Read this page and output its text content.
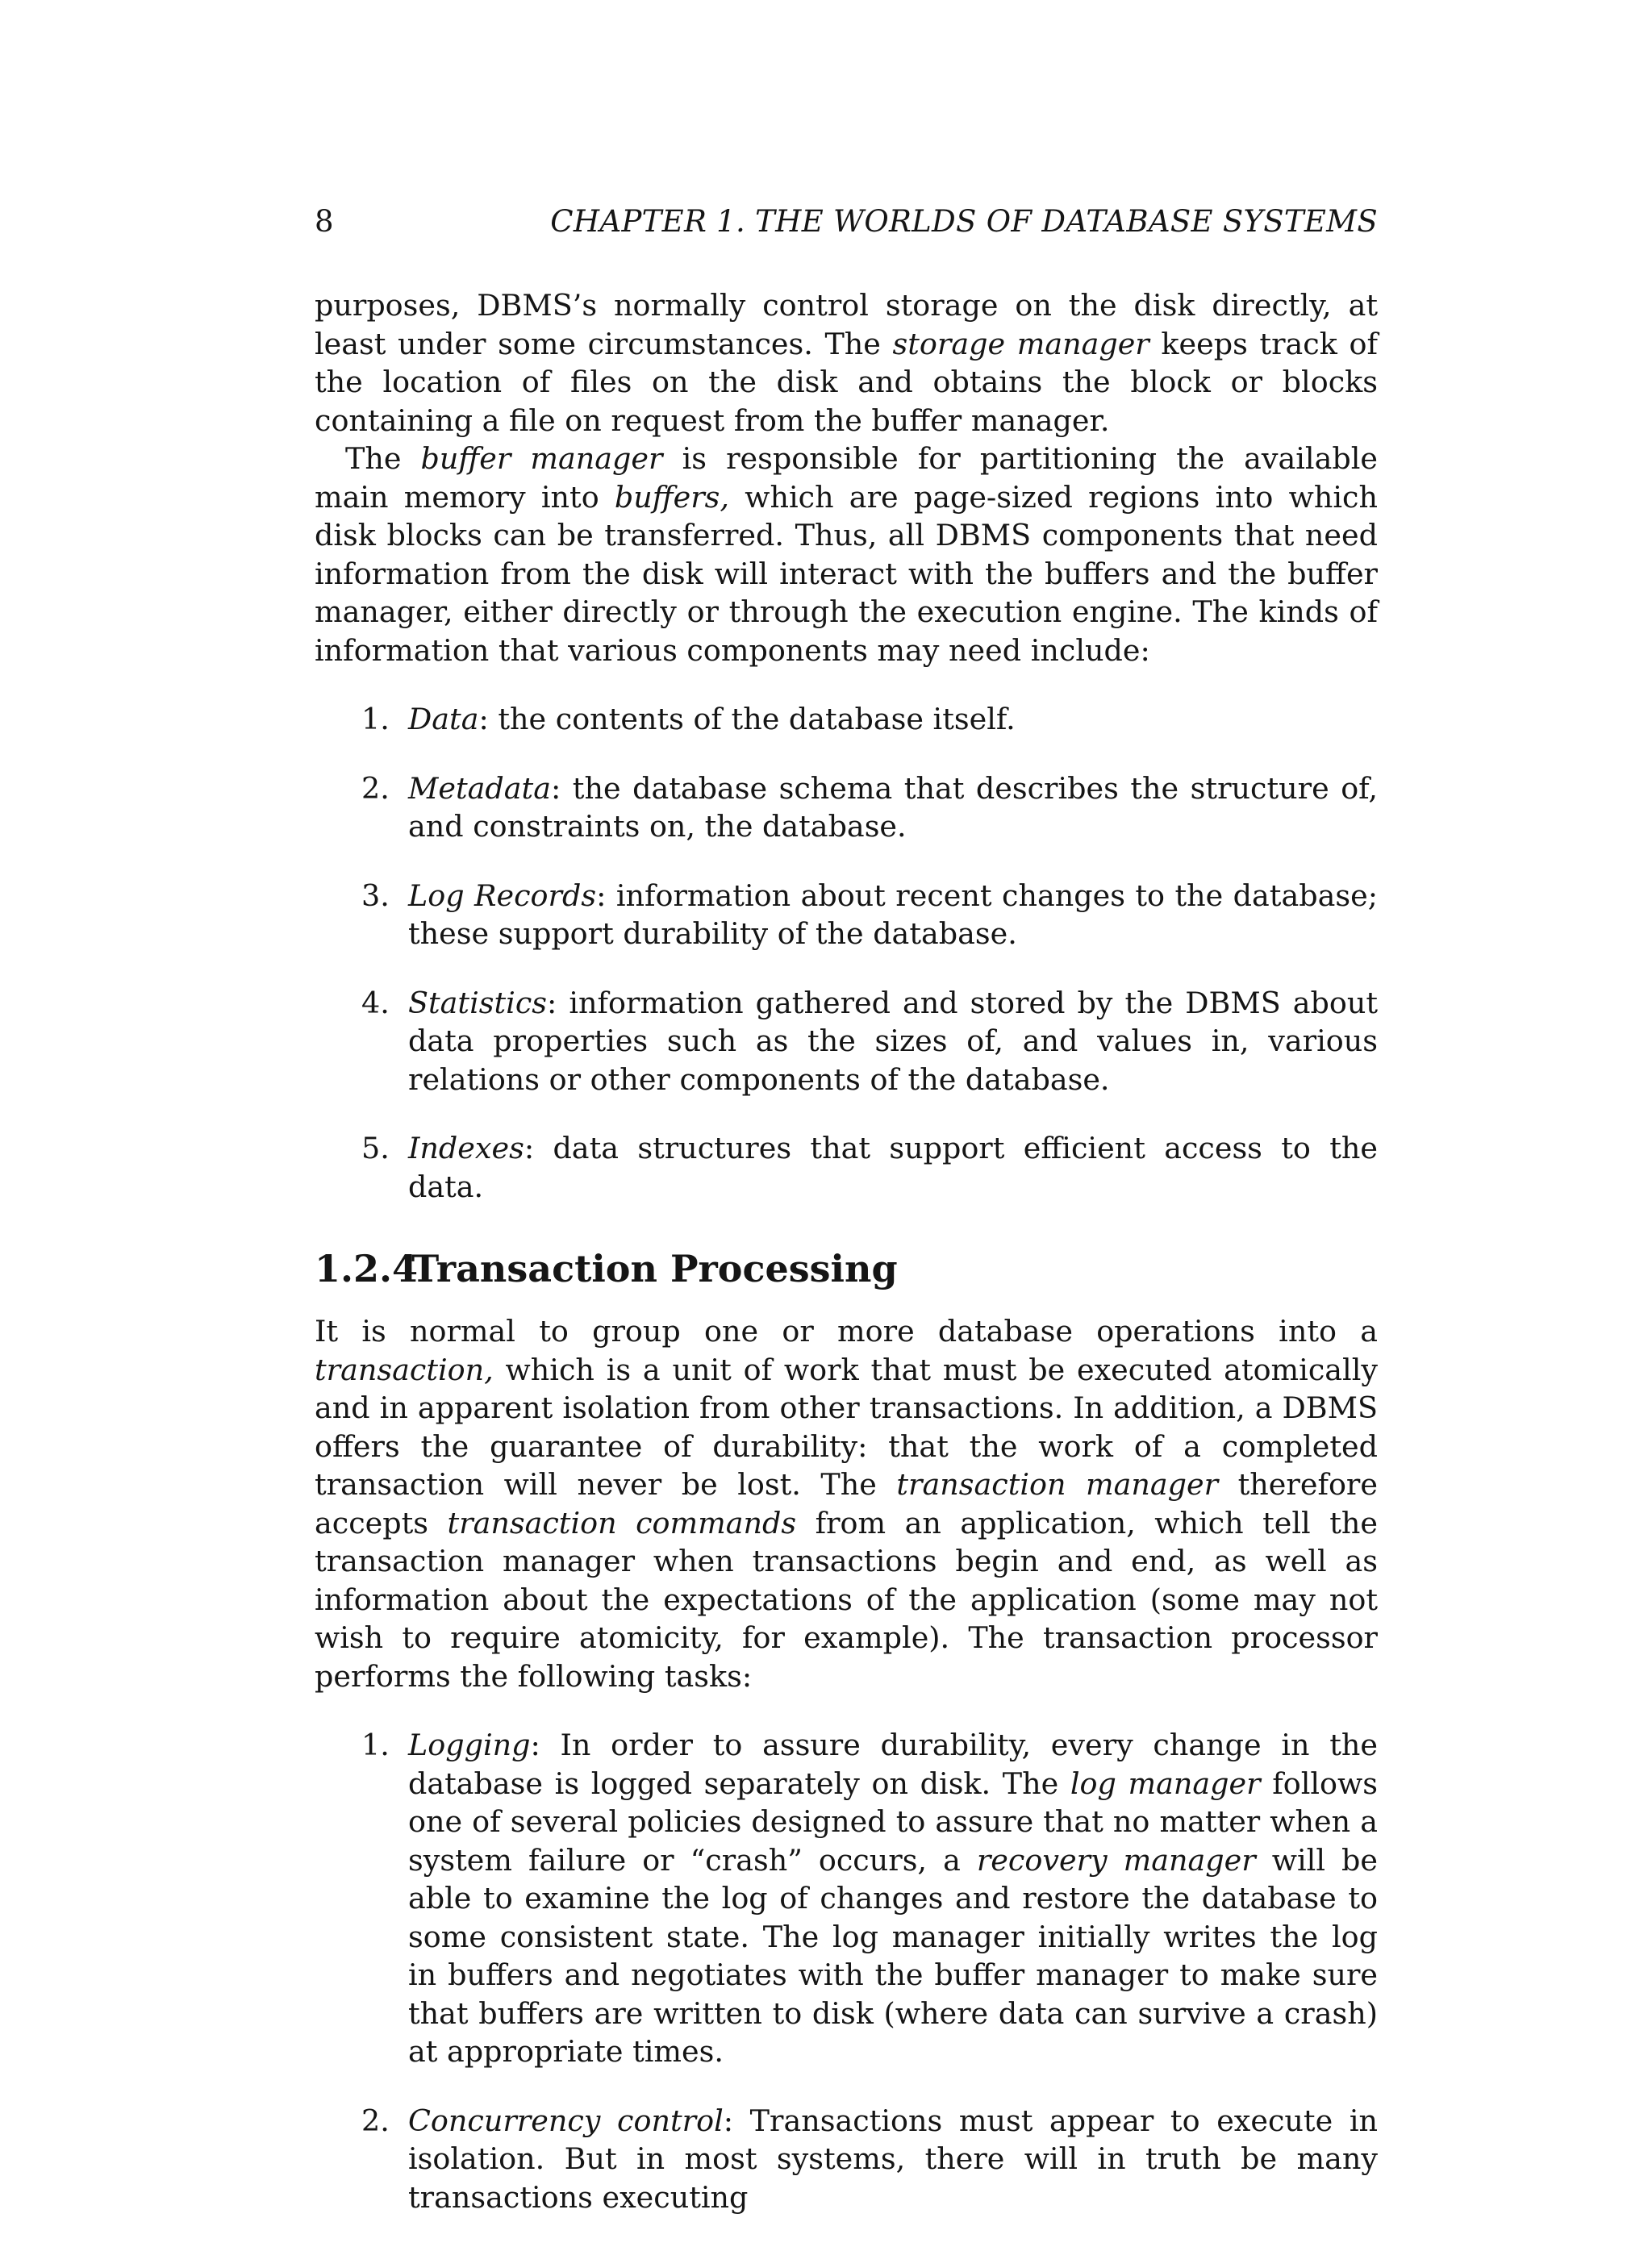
8	CHAPTER 1. THE WORLDS OF DATABASE SYSTEMS

purposes, DBMS’s normally control storage on the disk directly, at least under some circumstances. The storage manager keeps track of the location of files on the disk and obtains the block or blocks containing a file on request from the buffer manager.

The buffer manager is responsible for partitioning the available main memory into buffers, which are page-sized regions into which disk blocks can be transferred. Thus, all DBMS components that need information from the disk will interact with the buffers and the buffer manager, either directly or through the execution engine. The kinds of information that various components may need include:

1. Data: the contents of the database itself.
2. Metadata: the database schema that describes the structure of, and constraints on, the database.
3. Log Records: information about recent changes to the database; these support durability of the database.
4. Statistics: information gathered and stored by the DBMS about data properties such as the sizes of, and values in, various relations or other components of the database.
5. Indexes: data structures that support efficient access to the data.
1.2.4Transaction Processing

It is normal to group one or more database operations into a transaction, which is a unit of work that must be executed atomically and in apparent isolation from other transactions. In addition, a DBMS offers the guarantee of durability: that the work of a completed transaction will never be lost. The transaction manager therefore accepts transaction commands from an application, which tell the transaction manager when transactions begin and end, as well as information about the expectations of the application (some may not wish to require atomicity, for example). The transaction processor performs the following tasks:

1. Logging: In order to assure durability, every change in the database is logged separately on disk. The log manager follows one of several policies designed to assure that no matter when a system failure or “crash” occurs, a recovery manager will be able to examine the log of changes and restore the database to some consistent state. The log manager initially writes the log in buffers and negotiates with the buffer manager to make sure that buffers are written to disk (where data can survive a crash) at appropriate times.
2. Concurrency control: Transactions must appear to execute in isolation. But in most systems, there will in truth be many transactions executing
